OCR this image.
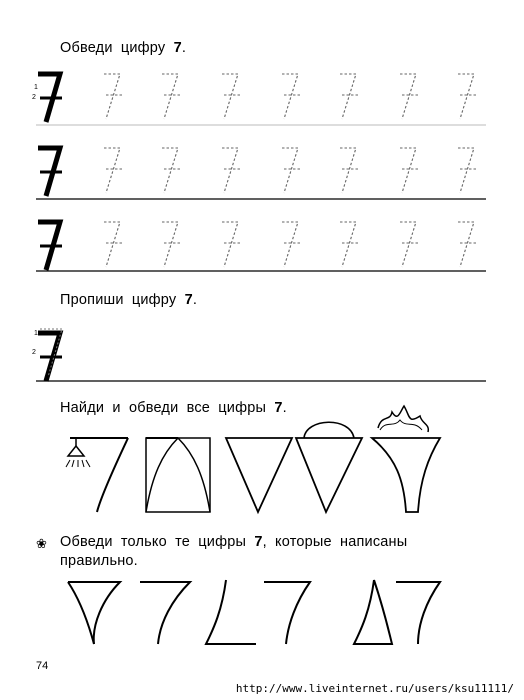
Обведи цифру 7.
Пропиши цифру 7.
Найди и обведи все цифры 7.
❀ Обведи только те цифры 7, которые написаны
правильно.
1
2
1
2
74
http://www.liveinternet.ru/users/ksu11111/
